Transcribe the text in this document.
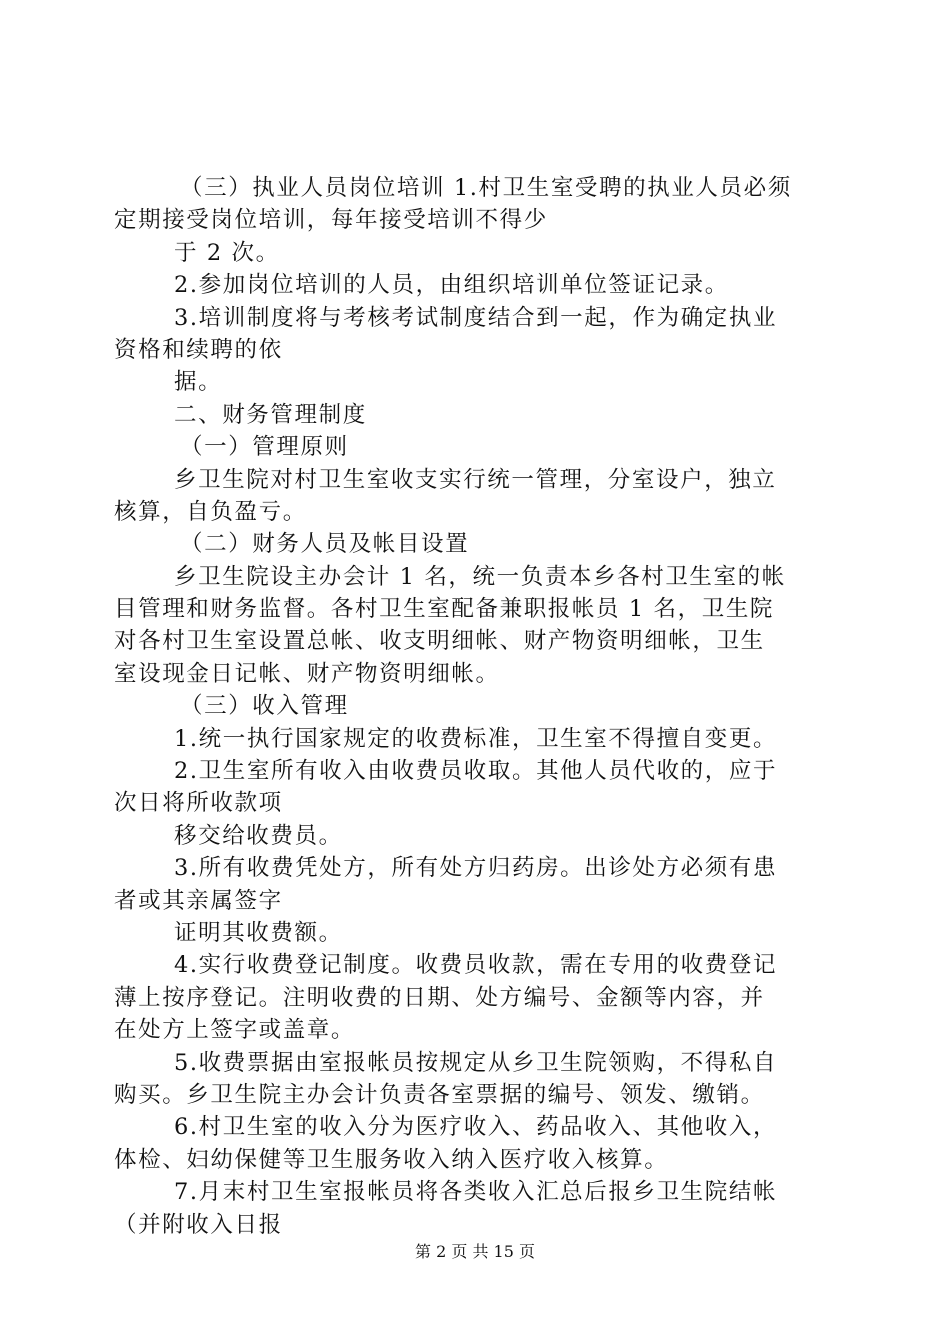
（三）执业人员岗位培训 1.村卫生室受聘的执业人员必须
定期接受岗位培训，每年接受培训不得少
于 2 次。
2.参加岗位培训的人员，由组织培训单位签证记录。
3.培训制度将与考核考试制度结合到一起，作为确定执业
资格和续聘的依
据。
二、财务管理制度
（一）管理原则
乡卫生院对村卫生室收支实行统一管理，分室设户，独立
核算，自负盈亏。
（二）财务人员及帐目设置
乡卫生院设主办会计 1 名，统一负责本乡各村卫生室的帐
目管理和财务监督。各村卫生室配备兼职报帐员 1 名，卫生院
对各村卫生室设置总帐、收支明细帐、财产物资明细帐，卫生
室设现金日记帐、财产物资明细帐。
（三）收入管理
1.统一执行国家规定的收费标准，卫生室不得擅自变更。
2.卫生室所有收入由收费员收取。其他人员代收的，应于
次日将所收款项
移交给收费员。
3.所有收费凭处方，所有处方归药房。出诊处方必须有患
者或其亲属签字
证明其收费额。
4.实行收费登记制度。收费员收款，需在专用的收费登记
薄上按序登记。注明收费的日期、处方编号、金额等内容，并
在处方上签字或盖章。
5.收费票据由室报帐员按规定从乡卫生院领购，不得私自
购买。乡卫生院主办会计负责各室票据的编号、领发、缴销。
6.村卫生室的收入分为医疗收入、药品收入、其他收入，
体检、妇幼保健等卫生服务收入纳入医疗收入核算。
7.月末村卫生室报帐员将各类收入汇总后报乡卫生院结帐
（并附收入日报
第 2 页 共 15 页
